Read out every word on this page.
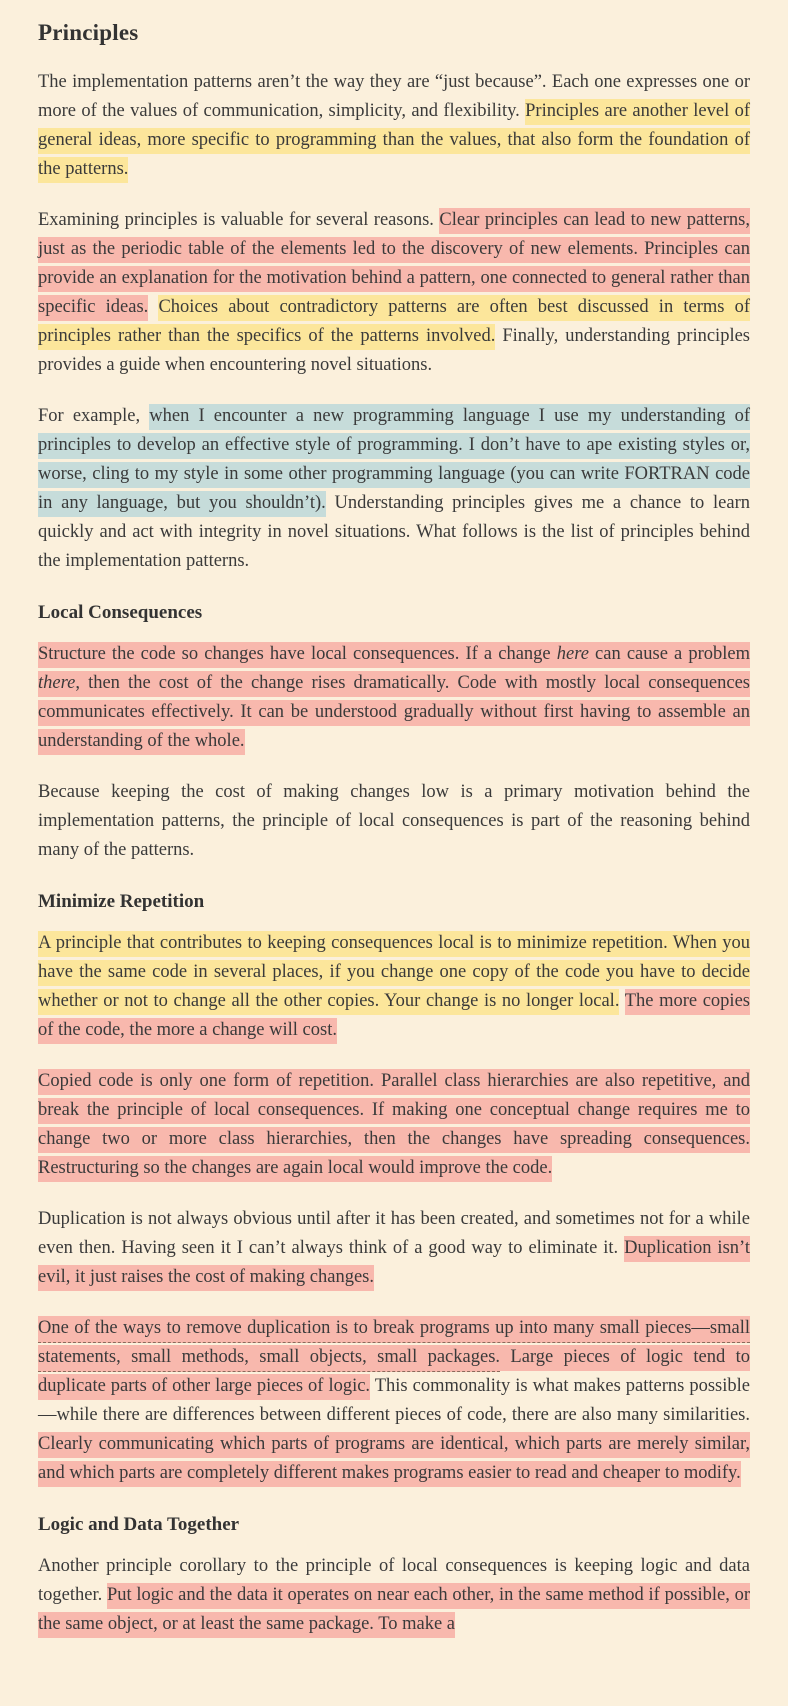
Principles

The implementation patterns aren’t the way they are “just because”. Each one expresses one or more of the values of communication, simplicity, and flexibility. Principles are another level of general ideas, more specific to programming than the values, that also form the foundation of the patterns.

Examining principles is valuable for several reasons. Clear principles can lead to new patterns, just as the periodic table of the elements led to the discovery of new elements. Principles can provide an explanation for the motivation behind a pattern, one connected to general rather than specific ideas. Choices about contradictory patterns are often best discussed in terms of principles rather than the specifics of the patterns involved. Finally, understanding principles provides a guide when encountering novel situations.

For example, when I encounter a new programming language I use my understanding of principles to develop an effective style of programming. I don’t have to ape existing styles or, worse, cling to my style in some other programming language (you can write FORTRAN code in any language, but you shouldn’t). Understanding principles gives me a chance to learn quickly and act with integrity in novel situations. What follows is the list of principles behind the implementation patterns.

Local Consequences

Structure the code so changes have local consequences. If a change here can cause a problem there, then the cost of the change rises dramatically. Code with mostly local consequences communicates effectively. It can be understood gradually without first having to assemble an understanding of the whole.

Because keeping the cost of making changes low is a primary motivation behind the implementation patterns, the principle of local consequences is part of the reasoning behind many of the patterns.

Minimize Repetition

A principle that contributes to keeping consequences local is to minimize repetition. When you have the same code in several places, if you change one copy of the code you have to decide whether or not to change all the other copies. Your change is no longer local. The more copies of the code, the more a change will cost.

Copied code is only one form of repetition. Parallel class hierarchies are also repetitive, and break the principle of local consequences. If making one conceptual change requires me to change two or more class hierarchies, then the changes have spreading consequences. Restructuring so the changes are again local would improve the code.

Duplication is not always obvious until after it has been created, and sometimes not for a while even then. Having seen it I can’t always think of a good way to eliminate it. Duplication isn’t evil, it just raises the cost of making changes.

One of the ways to remove duplication is to break programs up into many small pieces—small statements, small methods, small objects, small packages. Large pieces of logic tend to duplicate parts of other large pieces of logic. This commonality is what makes patterns possible—while there are differences between different pieces of code, there are also many similarities. Clearly communicating which parts of programs are identical, which parts are merely similar, and which parts are completely different makes programs easier to read and cheaper to modify.

Logic and Data Together

Another principle corollary to the principle of local consequences is keeping logic and data together. Put logic and the data it operates on near each other, in the same method if possible, or the same object, or at least the same package. To make a
